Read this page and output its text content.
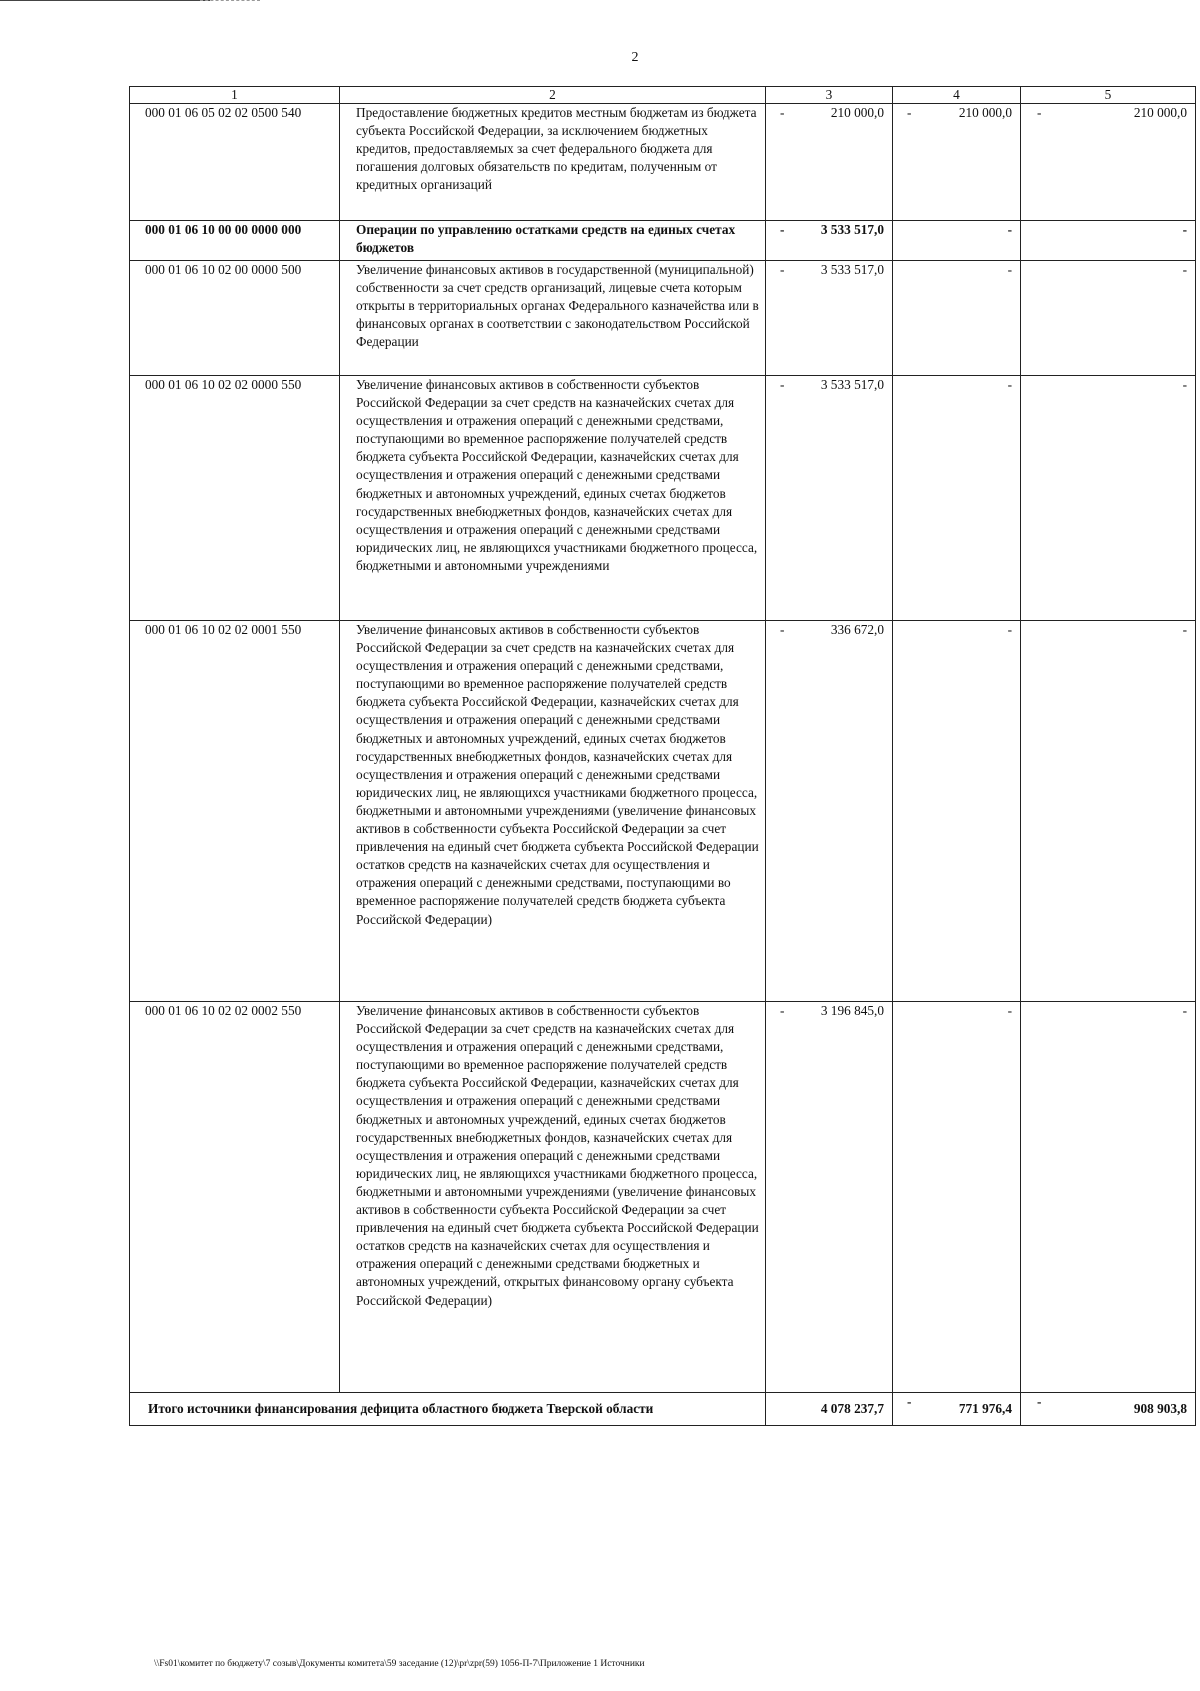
2
1	2	3	4	5
000 01 06 05 02 02 0500 540	Предоставление бюджетных кредитов местным бюджетам из бюджета субъекта Российской Федерации, за исключением бюджетных кредитов, предоставляемых за счет федерального бюджета для погашения долговых обязательств по кредитам, полученным от кредитных организаций	- 210 000,0	- 210 000,0	- 210 000,0
000 01 06 10 00 00 0000 000	Операции по управлению остатками средств на единых счетах бюджетов	- 3 533 517,0	-	-
000 01 06 10 02 00 0000 500	Увеличение финансовых активов в государственной (муниципальной) собственности за счет средств организаций, лицевые счета которым открыты в территориальных органах Федерального казначейства или в финансовых органах в соответствии с законодательством Российской Федерации	- 3 533 517,0	-	-
000 01 06 10 02 02 0000 550	Увеличение финансовых активов в собственности субъектов Российской Федерации за счет средств на казначейских счетах для осуществления и отражения операций с денежными средствами, поступающими во временное распоряжение получателей средств бюджета субъекта Российской Федерации, казначейских счетах для осуществления и отражения операций с денежными средствами бюджетных и автономных учреждений, единых счетах бюджетов государственных внебюджетных фондов, казначейских счетах для осуществления и отражения операций с денежными средствами юридических лиц, не являющихся участниками бюджетного процесса, бюджетными и автономными учреждениями	- 3 533 517,0	-	-
000 01 06 10 02 02 0001 550	Увеличение финансовых активов в собственности субъектов Российской Федерации за счет средств на казначейских счетах для осуществления и отражения операций с денежными средствами, поступающими во временное распоряжение получателей средств бюджета субъекта Российской Федерации, казначейских счетах для осуществления и отражения операций с денежными средствами бюджетных и автономных учреждений, единых счетах бюджетов государственных внебюджетных фондов, казначейских счетах для осуществления и отражения операций с денежными средствами юридических лиц, не являющихся участниками бюджетного процесса, бюджетными и автономными учреждениями (увеличение финансовых активов в собственности субъекта Российской Федерации за счет привлечения на единый счет бюджета субъекта Российской Федерации остатков средств на казначейских счетах для осуществления и отражения операций с денежными средствами, поступающими во временное распоряжение получателей средств бюджета субъекта Российской Федерации)	- 336 672,0	-	-
000 01 06 10 02 02 0002 550	Увеличение финансовых активов в собственности субъектов Российской Федерации за счет средств на казначейских счетах для осуществления и отражения операций с денежными средствами, поступающими во временное распоряжение получателей средств бюджета субъекта Российской Федерации, казначейских счетах для осуществления и отражения операций с денежными средствами бюджетных и автономных учреждений, единых счетах бюджетов государственных внебюджетных фондов, казначейских счетах для осуществления и отражения операций с денежными средствами юридических лиц, не являющихся участниками бюджетного процесса, бюджетными и автономными учреждениями (увеличение финансовых активов в собственности субъекта Российской Федерации за счет привлечения на единый счет бюджета субъекта Российской Федерации остатков средств на казначейских счетах для осуществления и отражения операций с денежными средствами бюджетных и автономных учреждений, открытых финансовому органу субъекта Российской Федерации)	- 3 196 845,0	-	-
Итого источники финансирования дефицита областного бюджета Тверской области		4 078 237,7	- 771 976,4	- 908 903,8
\\Fs01\комитет по бюджету\7 созыв\Документы комитета\59 заседание (12)\pr\zpr(59) 1056-П-7\Приложение 1 Источники
